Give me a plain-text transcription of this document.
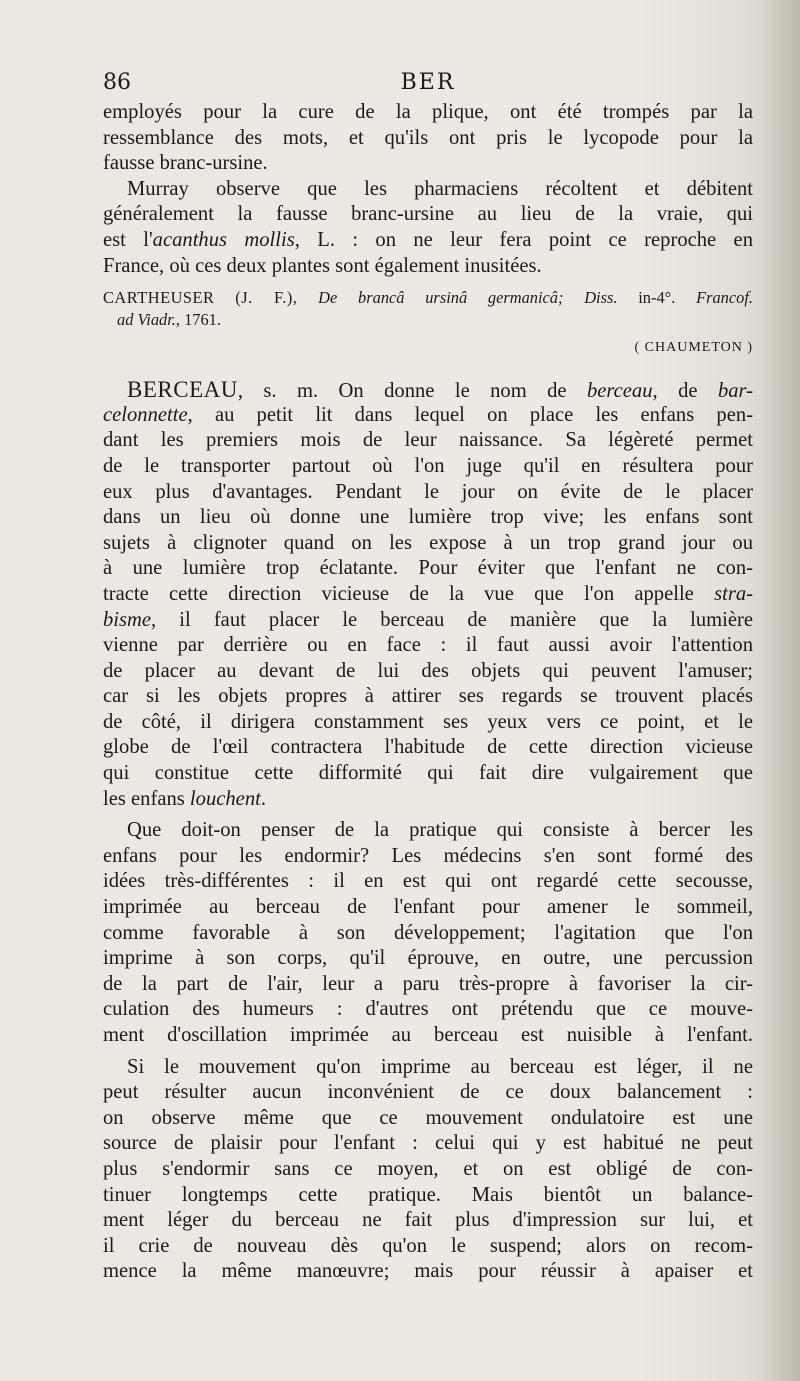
86	BER
employés pour la cure de la plique, ont été trompés par la
ressemblance des mots, et qu'ils ont pris le lycopode pour la
fausse branc-ursine.
Murray observe que les pharmaciens récoltent et débitent
généralement la fausse branc-ursine au lieu de la vraie, qui
est l'acanthus mollis, L. : on ne leur fera point ce reproche en
France, où ces deux plantes sont également inusitées.
CARTHEUSER (J. F.), De brancâ ursinâ germanicâ; Diss. in-4°. Francof.
ad Viadr., 1761.
( CHAUMETON )
BERCEAU, s. m. On donne le nom de berceau, de bar-
celonnette, au petit lit dans lequel on place les enfans pen-
dant les premiers mois de leur naissance. Sa légèreté permet
de le transporter partout où l'on juge qu'il en résultera pour
eux plus d'avantages. Pendant le jour on évite de le placer
dans un lieu où donne une lumière trop vive; les enfans sont
sujets à clignoter quand on les expose à un trop grand jour ou
à une lumière trop éclatante. Pour éviter que l'enfant ne con-
tracte cette direction vicieuse de la vue que l'on appelle stra-
bisme, il faut placer le berceau de manière que la lumière
vienne par derrière ou en face : il faut aussi avoir l'attention
de placer au devant de lui des objets qui peuvent l'amuser;
car si les objets propres à attirer ses regards se trouvent placés
de côté, il dirigera constamment ses yeux vers ce point, et le
globe de l'œil contractera l'habitude de cette direction vicieuse
qui constitue cette difformité qui fait dire vulgairement que
les enfans louchent.
Que doit-on penser de la pratique qui consiste à bercer les
enfans pour les endormir? Les médecins s'en sont formé des
idées très-différentes : il en est qui ont regardé cette secousse,
imprimée au berceau de l'enfant pour amener le sommeil,
comme favorable à son développement; l'agitation que l'on
imprime à son corps, qu'il éprouve, en outre, une percussion
de la part de l'air, leur a paru très-propre à favoriser la cir-
culation des humeurs : d'autres ont prétendu que ce mouve-
ment d'oscillation imprimée au berceau est nuisible à l'enfant.
Si le mouvement qu'on imprime au berceau est léger, il ne
peut résulter aucun inconvénient de ce doux balancement :
on observe même que ce mouvement ondulatoire est une
source de plaisir pour l'enfant : celui qui y est habitué ne peut
plus s'endormir sans ce moyen, et on est obligé de con-
tinuer longtemps cette pratique. Mais bientôt un balance-
ment léger du berceau ne fait plus d'impression sur lui, et
il crie de nouveau dès qu'on le suspend; alors on recom-
mence la même manœuvre; mais pour réussir à apaiser et
